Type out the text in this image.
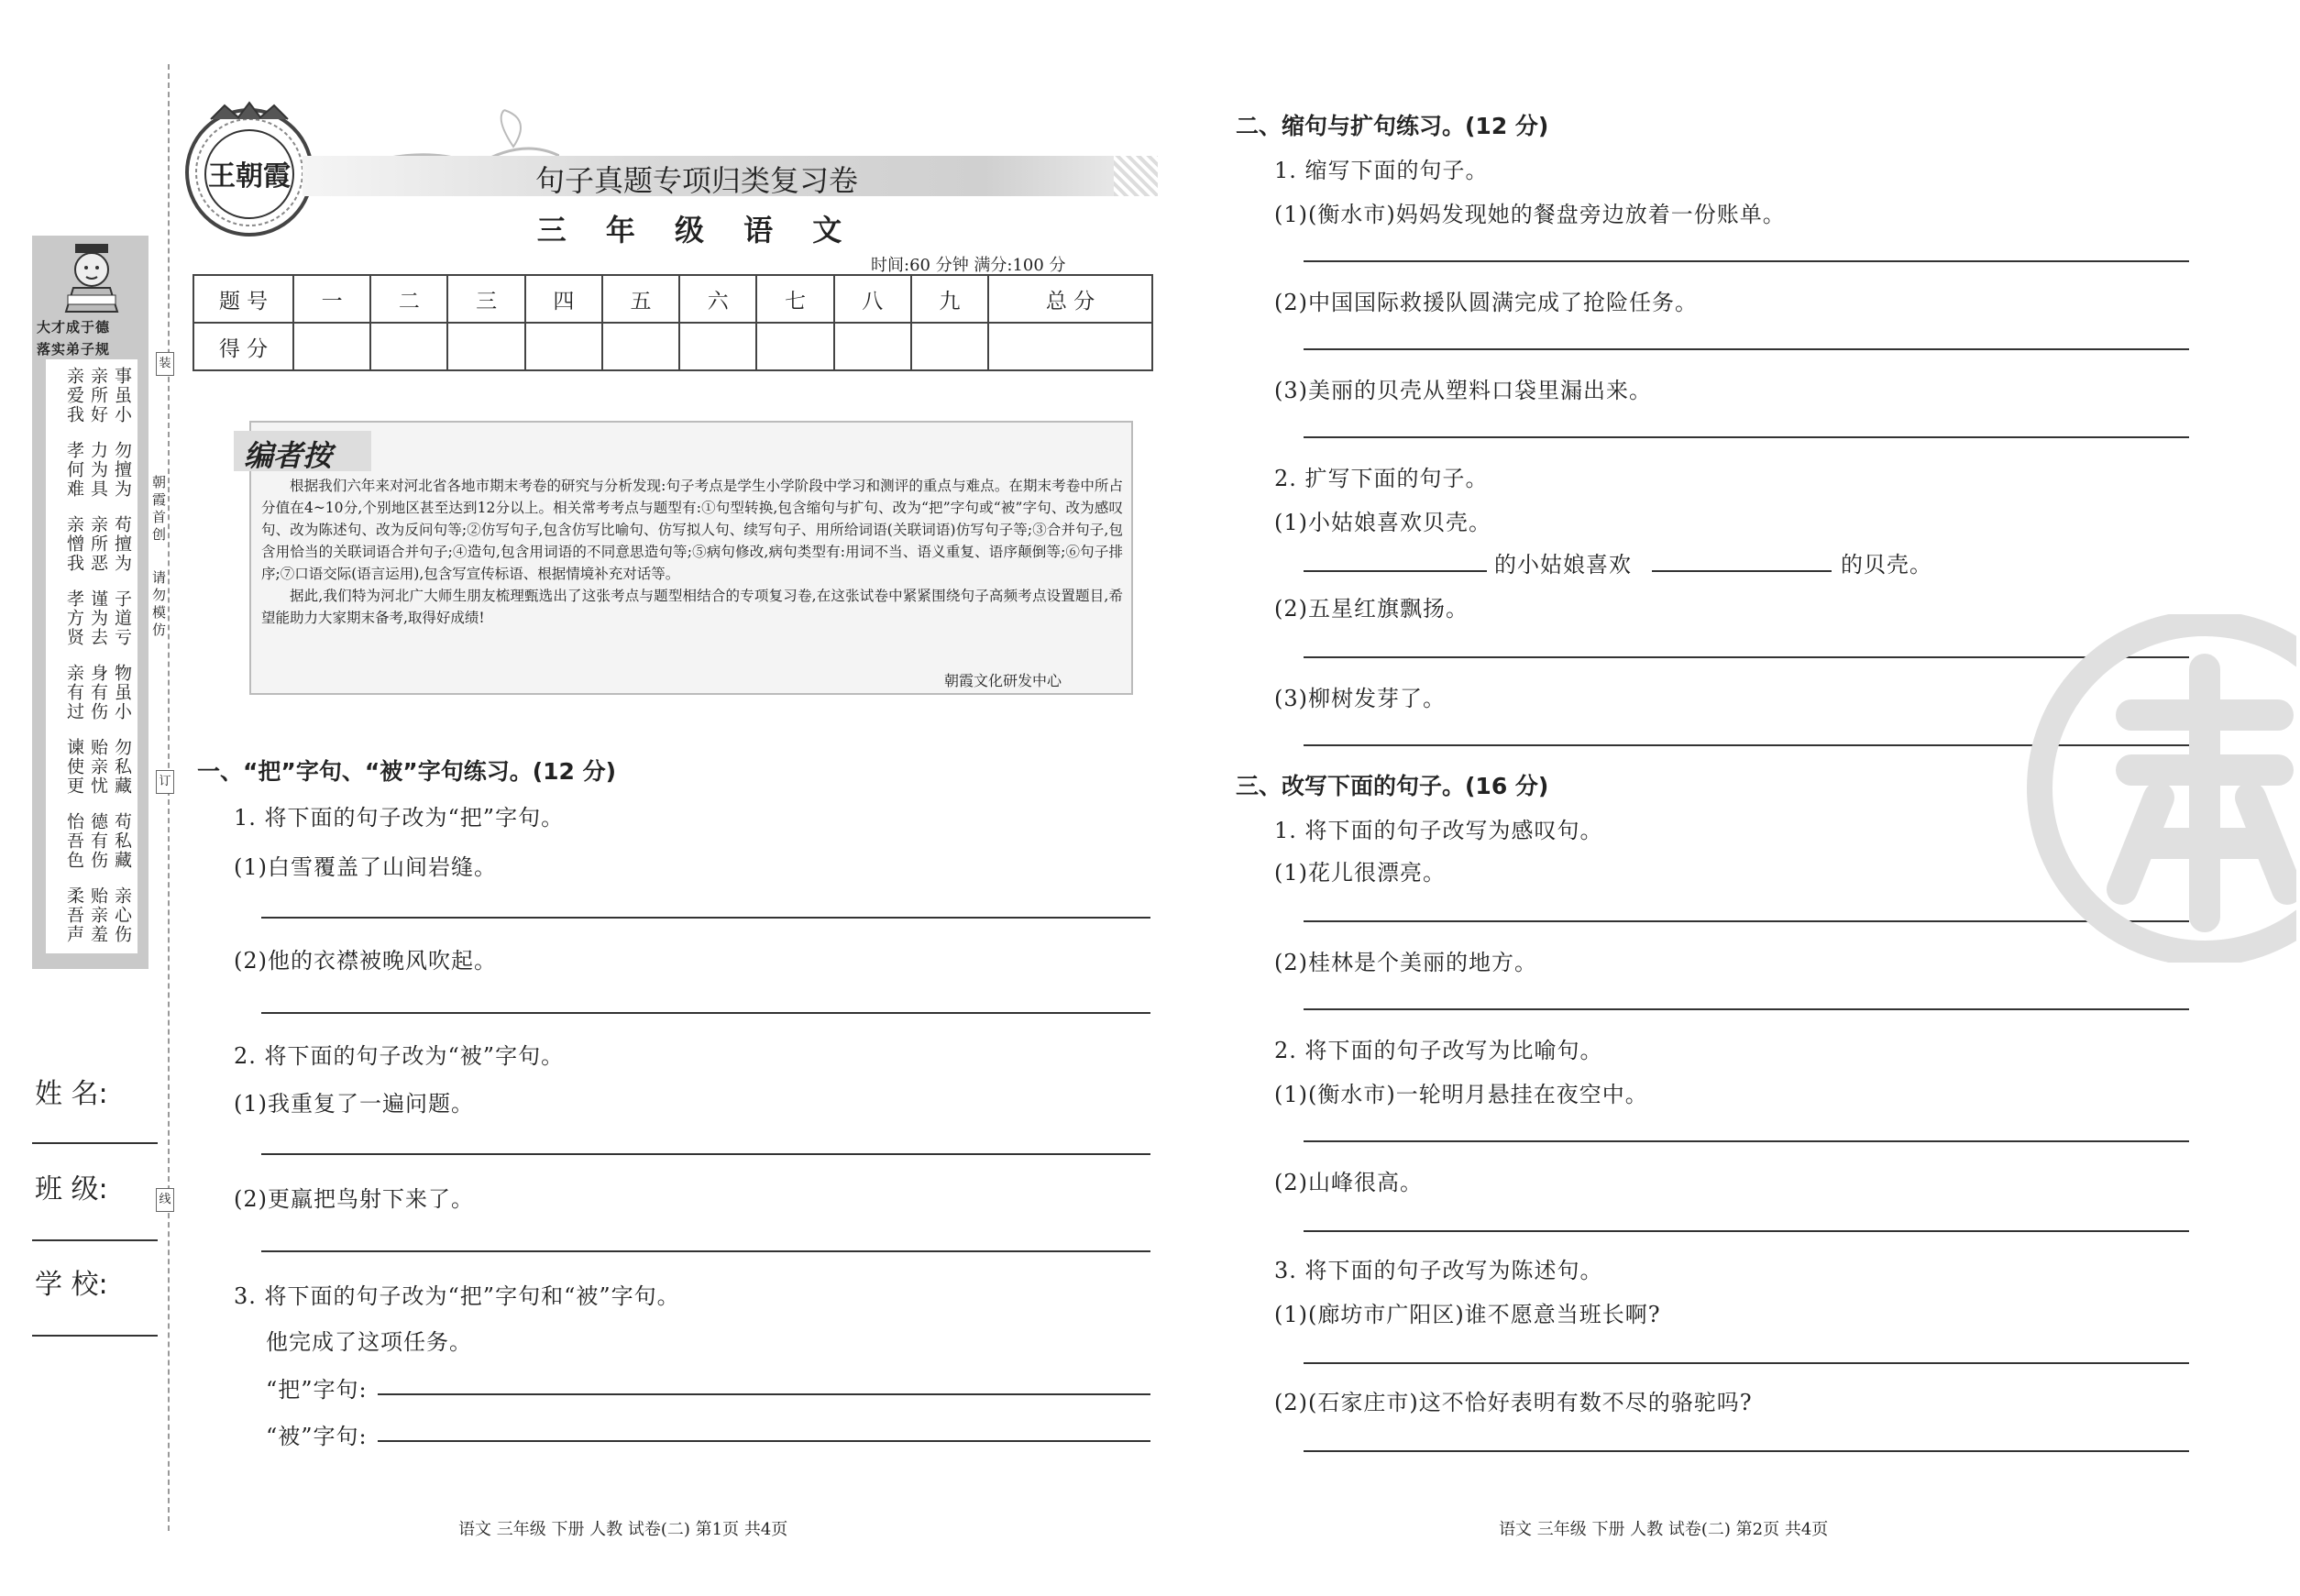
大才成于德
落实弟子规
事虽小
亲所好
亲爱我
勿擅为
力为具
孝何难
苟擅为
亲所恶
亲憎我
子道亏
谨为去
孝方贤
物虽小
身有伤
亲有过
勿私藏
贻亲忧
谏使更
苟私藏
德有伤
怡吾色
亲心伤
贻亲羞
柔吾声
装
订
线
朝霞首创
请勿模仿
姓 名:
班 级:
学 校:
王朝霞	句子真题专项归类复习卷
三 年 级 语 文
时间:60 分钟 满分:100 分
题 号	一	二	三	四	五	六	七	八	九	总 分
得 分										
编者按

根据我们六年来对河北省各地市期末考卷的研究与分析发现:句子考点是学生小学阶段中学习和测评的重点与难点。在期末考卷中所占分值在4~10分,个别地区甚至达到12分以上。相关常考考点与题型有:①句型转换,包含缩句与扩句、改为“把”字句或“被”字句、改为感叹句、改为陈述句、改为反问句等;②仿写句子,包含仿写比喻句、仿写拟人句、续写句子、用所给词语(关联词语)仿写句子等;③合并句子,包含用恰当的关联词语合并句子;④造句,包含用词语的不同意思造句等;⑤病句修改,病句类型有:用词不当、语义重复、语序颠倒等;⑥句子排序;⑦口语交际(语言运用),包含写宣传标语、根据情境补充对话等。

据此,我们特为河北广大师生朋友梳理甄选出了这张考点与题型相结合的专项复习卷,在这张试卷中紧紧围绕句子高频考点设置题目,希望能助力大家期末备考,取得好成绩!

朝霞文化研发中心
一、“把”字句、“被”字句练习。(12 分)
1. 将下面的句子改为“把”字句。
(1)白雪覆盖了山间岩缝。
(2)他的衣襟被晚风吹起。
2. 将下面的句子改为“被”字句。
(1)我重复了一遍问题。
(2)更羸把鸟射下来了。
3. 将下面的句子改为“把”字句和“被”字句。
他完成了这项任务。
“把”字句:
“被”字句:
二、缩句与扩句练习。(12 分)
1. 缩写下面的句子。
(1)(衡水市)妈妈发现她的餐盘旁边放着一份账单。
(2)中国国际救援队圆满完成了抢险任务。
(3)美丽的贝壳从塑料口袋里漏出来。
2. 扩写下面的句子。
(1)小姑娘喜欢贝壳。
的小姑娘喜欢	的贝壳。
(2)五星红旗飘扬。
(3)柳树发芽了。
三、改写下面的句子。(16 分)
1. 将下面的句子改写为感叹句。
(1)花儿很漂亮。
(2)桂林是个美丽的地方。
2. 将下面的句子改写为比喻句。
(1)(衡水市)一轮明月悬挂在夜空中。
(2)山峰很高。
3. 将下面的句子改写为陈述句。
(1)(廊坊市广阳区)谁不愿意当班长啊?
(2)(石家庄市)这不恰好表明有数不尽的骆驼吗?
语文 三年级 下册 人教 试卷(二) 第1页 共4页	语文 三年级 下册 人教 试卷(二) 第2页 共4页
